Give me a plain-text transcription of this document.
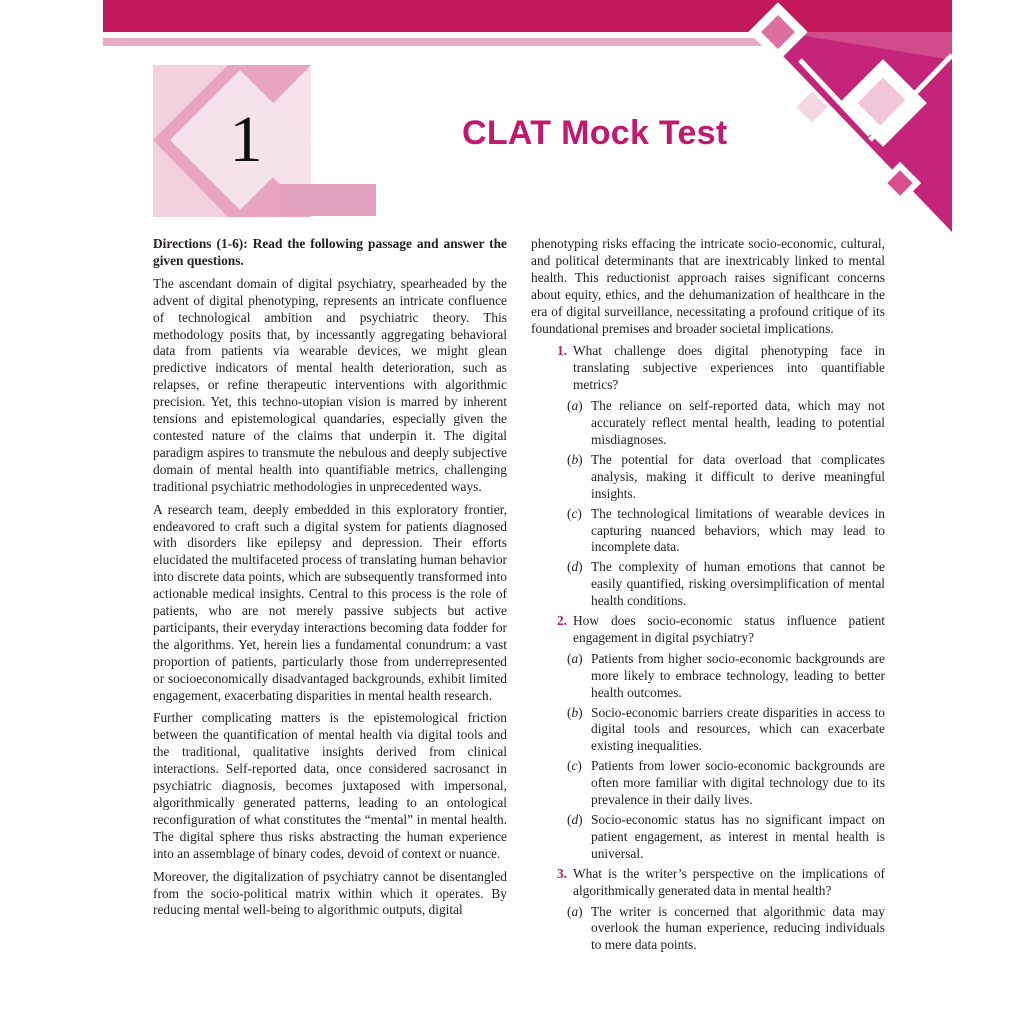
1	CLAT Mock Test

Directions (1-6): Read the following passage and answer the given questions.

The ascendant domain of digital psychiatry, spearheaded by the advent of digital phenotyping, represents an intricate confluence of technological ambition and psychiatric theory. This methodology posits that, by incessantly aggregating behavioral data from patients via wearable devices, we might glean predictive indicators of mental health deterioration, such as relapses, or refine therapeutic interventions with algorithmic precision. Yet, this techno-utopian vision is marred by inherent tensions and epistemological quandaries, especially given the contested nature of the claims that underpin it. The digital paradigm aspires to transmute the nebulous and deeply subjective domain of mental health into quantifiable metrics, challenging traditional psychiatric methodologies in unprecedented ways.

A research team, deeply embedded in this exploratory frontier, endeavored to craft such a digital system for patients diagnosed with disorders like epilepsy and depression. Their efforts elucidated the multifaceted process of translating human behavior into discrete data points, which are subsequently transformed into actionable medical insights. Central to this process is the role of patients, who are not merely passive subjects but active participants, their everyday interactions becoming data fodder for the algorithms. Yet, herein lies a fundamental conundrum: a vast proportion of patients, particularly those from underrepresented or socioeconomically disadvantaged backgrounds, exhibit limited engagement, exacerbating disparities in mental health research.

Further complicating matters is the epistemological friction between the quantification of mental health via digital tools and the traditional, qualitative insights derived from clinical interactions. Self-reported data, once considered sacrosanct in psychiatric diagnosis, becomes juxtaposed with impersonal, algorithmically generated patterns, leading to an ontological reconfiguration of what constitutes the “mental” in mental health. The digital sphere thus risks abstracting the human experience into an assemblage of binary codes, devoid of context or nuance.

Moreover, the digitalization of psychiatry cannot be disentangled from the socio-political matrix within which it operates. By reducing mental well-being to algorithmic outputs, digital

phenotyping risks effacing the intricate socio-economic, cultural, and political determinants that are inextricably linked to mental health. This reductionist approach raises significant concerns about equity, ethics, and the dehumanization of healthcare in the era of digital surveillance, necessitating a profound critique of its foundational premises and broader societal implications.

1. What challenge does digital phenotyping face in translating subjective experiences into quantifiable metrics?
(a) The reliance on self-reported data, which may not accurately reflect mental health, leading to potential misdiagnoses.
(b) The potential for data overload that complicates analysis, making it difficult to derive meaningful insights.
(c) The technological limitations of wearable devices in capturing nuanced behaviors, which may lead to incomplete data.
(d) The complexity of human emotions that cannot be easily quantified, risking oversimplification of mental health conditions.
2. How does socio-economic status influence patient engagement in digital psychiatry?
(a) Patients from higher socio-economic backgrounds are more likely to embrace technology, leading to better health outcomes.
(b) Socio-economic barriers create disparities in access to digital tools and resources, which can exacerbate existing inequalities.
(c) Patients from lower socio-economic backgrounds are often more familiar with digital technology due to its prevalence in their daily lives.
(d) Socio-economic status has no significant impact on patient engagement, as interest in mental health is universal.
3. What is the writer’s perspective on the implications of algorithmically generated data in mental health?
(a) The writer is concerned that algorithmic data may overlook the human experience, reducing individuals to mere data points.
